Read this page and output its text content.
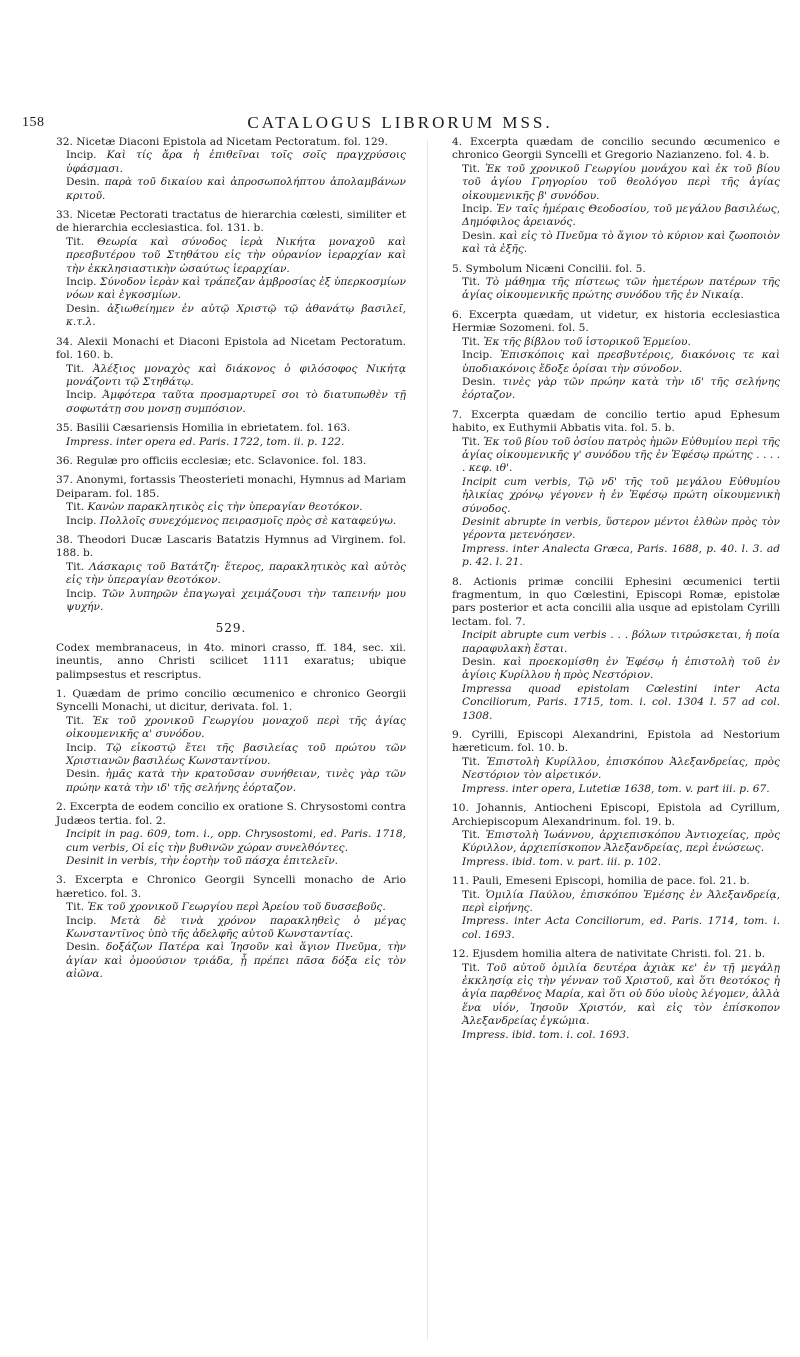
158	CATALOGUS LIBRORUM MSS.
32. Nicetæ Diaconi Epistola ad Nicetam Pectoratum. fol. 129.
Incip. Καὶ τίς ἄρα ἡ ἐπιθεῖναι τοῖς σοῖς πραγχρύσοις ὑφάσμασι.
Desin. παρὰ τοῦ δικαίου καὶ ἀπροσωπολήπτου ἀπολαμβάνων κριτοῦ.
33. Nicetæ Pectorati tractatus de hierarchia cœlesti, similiter et de hierarchia ecclesiastica. fol. 131. b.
Tit. Θεωρία καὶ σύνοδος ἱερὰ Νικήτα μοναχοῦ καὶ πρεσβυτέρου τοῦ Στηθάτου εἰς τὴν οὐρανίον ἱεραρχίαν καὶ τὴν ἐκκλησιαστικὴν ὡσαύτως ἱεραρχίαν.
Incip. Σύνοδον ἱερὰν καὶ τράπεζαν ἀμβροσίας ἐξ ὑπερκοσμίων νόων καὶ ἐγκοσμίων.
Desin. ἀξιωθείημεν ἐν αὐτῷ Χριστῷ τῷ ἀθανάτῳ βασιλεῖ, κ.τ.λ.
34. Alexii Monachi et Diaconi Epistola ad Nicetam Pectoratum. fol. 160. b.
Tit. Ἀλέξιος μοναχὸς καὶ διάκονος ὁ φιλόσοφος Νικήτᾳ μονάζοντι τῷ Στηθάτῳ.
Incip. Ἀμφότερα ταῦτα προσμαρτυρεῖ σοι τὸ διατυπωθὲν τῇ σοφωτάτῃ σου μονσῃ συμπόσιον.
35. Basilii Cæsariensis Homilia in ebrietatem. fol. 163.
Impress. inter opera ed. Paris. 1722, tom. ii. p. 122.
36. Regulæ pro officiis ecclesiæ; etc. Sclavonice. fol. 183.
37. Anonymi, fortassis Theosterieti monachi, Hymnus ad Mariam Deiparam. fol. 185.
Tit. Κανὼν παρακλητικὸς εἰς τὴν ὑπεραγίαν θεοτόκον.
Incip. Πολλοῖς συνεχόμενος πειρασμοῖς πρὸς σὲ καταφεύγω.
38. Theodori Ducæ Lascaris Batatzis Hymnus ad Virginem. fol. 188. b.
Tit. Λάσκαρις τοῦ Βατάτζη· ἕτερος, παρακλητικὸς καὶ αὐτὸς εἰς τὴν ὑπεραγίαν θεοτόκον.
Incip. Τῶν λυπηρῶν ἐπαγωγαὶ χειμάζουσι τὴν ταπεινήν μου ψυχήν.
529.
Codex membranaceus, in 4to. minori crasso, ff. 184, sec. xii. ineuntis, anno Christi scilicet 1111 exaratus; ubique palimpsestus et rescriptus.
1. Quædam de primo concilio œcumenico e chronico Georgii Syncelli Monachi, ut dicitur, derivata. fol. 1.
Tit. Ἐκ τοῦ χρονικοῦ Γεωργίου μοναχοῦ περὶ τῆς ἁγίας οἰκουμενικῆς α' συνόδου.
Incip. Τῷ εἰκοστῷ ἔτει τῆς βασιλείας τοῦ πρώτου τῶν Χριστιανῶν βασιλέως Κωνσταντίνου.
Desin. ἡμᾶς κατὰ τὴν κρατοῦσαν συνήθειαν, τινὲς γὰρ τῶν πρώην κατὰ τὴν ιδ' τῆς σελήνης ἑόρταζον.
2. Excerpta de eodem concilio ex oratione S. Chrysostomi contra Judæos tertia. fol. 2.
Incipit in pag. 609, tom. i., opp. Chrysostomi, ed. Paris. 1718, cum verbis, Οἱ εἰς τὴν βυθινῶν χώραν συνελθόντες.
Desinit in verbis, τὴν ἑορτὴν τοῦ πάσχα ἐπιτελεῖν.
3. Excerpta e Chronico Georgii Syncelli monacho de Ario hæretico. fol. 3.
Tit. Ἐκ τοῦ χρονικοῦ Γεωργίου περὶ Ἀρείου τοῦ δυσσεβοῦς.
Incip. Μετὰ δὲ τινὰ χρόνον παρακληθεὶς ὁ μέγας Κωνσταντῖνος ὑπὸ τῆς ἀδελφῆς αὐτοῦ Κωνσταντίας.
Desin. δοξάζων Πατέρα καὶ Ἰησοῦν καὶ ἅγιον Πνεῦμα, τὴν ἁγίαν καὶ ὁμοούσιον τριάδα, ᾗ πρέπει πᾶσα δόξα εἰς τὸν αἰῶνα.
4. Excerpta quædam de concilio secundo œcumenico e chronico Georgii Syncelli et Gregorio Nazianzeno. fol. 4. b.
Tit. Ἐκ τοῦ χρονικοῦ Γεωργίου μονάχου καὶ ἐκ τοῦ βίου τοῦ ἁγίου Γρηγορίου τοῦ θεολόγου περὶ τῆς ἁγίας οἰκουμενικῆς β' συνόδου.
Incip. Ἐν ταῖς ἡμέραις Θεοδοσίου, τοῦ μεγάλου βασιλέως, Δημόφιλος ἀρειανός.
Desin. καὶ εἰς τὸ Πνεῦμα τὸ ἅγιον τὸ κύριον καὶ ζωοποιὸν καὶ τὰ ἑξῆς.
5. Symbolum Nicæni Concilii. fol. 5.
Tit. Τὸ μάθημα τῆς πίστεως τῶν ἡμετέρων πατέρων τῆς ἁγίας οἰκουμενικῆς πρώτης συνόδου τῆς ἐν Νικαίᾳ.
6. Excerpta quædam, ut videtur, ex historia ecclesiastica Hermiæ Sozomeni. fol. 5.
Tit. Ἐκ τῆς βίβλου τοῦ ἱστορικοῦ Ἑρμείου.
Incip. Ἐπισκόποις καὶ πρεσβυτέροις, διακόνοις τε καὶ ὑποδιακόνοις ἔδοξε ὁρίσαι τὴν σύνοδον.
Desin. τινὲς γὰρ τῶν πρώην κατὰ τὴν ιδ' τῆς σελήνης ἑόρταζον.
7. Excerpta quædam de concilio tertio apud Ephesum habito, ex Euthymii Abbatis vita. fol. 5. b.
Tit. Ἐκ τοῦ βίου τοῦ ὁσίου πατρὸς ἡμῶν Εὐθυμίου περὶ τῆς ἁγίας οἰκουμενικῆς γ' συνόδου τῆς ἐν Ἐφέσῳ πρώτης . . . . . κεφ. ιθ'.
Incipit cum verbis, Τῷ νδ' τῆς τοῦ μεγάλου Εὐθυμίου ἡλικίας χρόνῳ γέγονεν ἡ ἐν Ἐφέσῳ πρώτη οἰκουμενικὴ σύνοδος.
Desinit abrupte in verbis, ὕστερον μέντοι ἐλθὼν πρὸς τὸν γέροντα μετενόησεν.
Impress. inter Analecta Græca, Paris. 1688, p. 40. l. 3. ad p. 42. l. 21.
8. Actionis primæ concilii Ephesini œcumenici tertii fragmentum, in quo Cœlestini, Episcopi Romæ, epistolæ pars posterior et acta concilii alia usque ad epistolam Cyrilli lectam. fol. 7.
Incipit abrupte cum verbis . . . βόλων τιτρώσκεται, ἡ ποία παραφυλακὴ ἔσται.
Desin. καὶ προεκομίσθη ἐν Ἐφέσῳ ἡ ἐπιστολὴ τοῦ ἐν ἁγίοις Κυρίλλου ἡ πρὸς Νεστόριον.
Impressa quoad epistolam Cœlestini inter Acta Conciliorum, Paris. 1715, tom. i. col. 1304 l. 57 ad col. 1308.
9. Cyrilli, Episcopi Alexandrini, Epistola ad Nestorium hæreticum. fol. 10. b.
Tit. Ἐπιστολὴ Κυρίλλου, ἐπισκόπου Ἀλεξανδρείας, πρὸς Νεστόριον τὸν αἱρετικόν.
Impress. inter opera, Lutetiæ 1638, tom. v. part iii. p. 67.
10. Johannis, Antiocheni Episcopi, Epistola ad Cyrillum, Archiepiscopum Alexandrinum. fol. 19. b.
Tit. Ἐπιστολὴ Ἰωάννου, ἀρχιεπισκόπου Ἀντιοχείας, πρὸς Κύριλλον, ἀρχιεπίσκοπον Ἀλεξανδρείας, περὶ ἑνώσεως.
Impress. ibid. tom. v. part. iii. p. 102.
11. Pauli, Emeseni Episcopi, homilia de pace. fol. 21. b.
Tit. Ὁμιλία Παύλου, ἐπισκόπου Ἐμέσης ἐν Ἀλεξανδρείᾳ, περὶ εἰρήνης.
Impress. inter Acta Conciliorum, ed. Paris. 1714, tom. i. col. 1693.
12. Ejusdem homilia altera de nativitate Christi. fol. 21. b.
Tit. Τοῦ αὐτοῦ ὁμιλία δευτέρα ἀχιὰκ κε' ἐν τῇ μεγάλῃ ἐκκλησίᾳ εἰς τὴν γένναν τοῦ Χριστοῦ, καὶ ὅτι θεοτόκος ἡ ἁγία παρθένος Μαρία, καὶ ὅτι οὐ δύο υἱοὺς λέγομεν, ἀλλὰ ἕνα υἱόν, Ἰησοῦν Χριστόν, καὶ εἰς τὸν ἐπίσκοπον Ἀλεξανδρείας ἐγκώμια.
Impress. ibid. tom. i. col. 1693.
